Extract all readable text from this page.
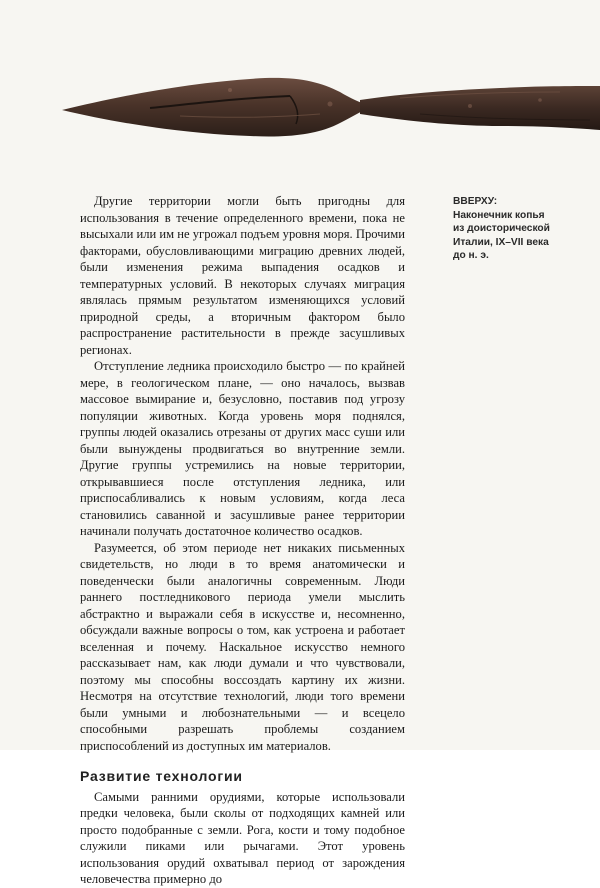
Другие территории могли быть пригодны для использования в течение определенного времени, пока не высыхали или им не угрожал подъем уровня моря. Прочими факторами, обусловливающими миграцию древних людей, были изменения режима выпадения осадков и температурных условий. В некоторых случаях миграция являлась прямым результатом изменяющихся условий природной среды, а вторичным фактором было распространение растительности в прежде засушливых регионах.

Отступление ледника происходило быстро — по крайней мере, в геологическом плане, — оно началось, вызвав массовое вымирание и, безусловно, поставив под угрозу популяции животных. Когда уровень моря поднялся, группы людей оказались отрезаны от других масс суши или были вынуждены продвигаться во внутренние земли. Другие группы устремились на новые территории, открывавшиеся после отступления ледника, или приспосабливались к новым условиям, когда леса становились саванной и засушливые ранее территории начинали получать достаточное количество осадков.

Разумеется, об этом периоде нет никаких письменных свидетельств, но люди в то время анатомически и поведенчески были аналогичны современным. Люди раннего постледникового периода умели мыслить абстрактно и выражали себя в искусстве и, несомненно, обсуждали важные вопросы о том, как устроена и работает вселенная и почему. Наскальное искусство немного рассказывает нам, как люди думали и что чувствовали, поэтому мы способны воссоздать картину их жизни. Несмотря на отсутствие технологий, люди того времени были умными и любознательными — и всецело способными разрешать проблемы созданием приспособлений из доступных им материалов.

Развитие технологии

Самыми ранними орудиями, которые использовали предки человека, были сколы от подходящих камней или просто подобранные с земли. Рога, кости и тому подобное служили пиками или рычагами. Этот уровень использования орудий охватывал период от зарождения человечества примерно до

ВВЕРХУ:
Наконечник копья из доисторической Италии, IX–VII века до н. э.
